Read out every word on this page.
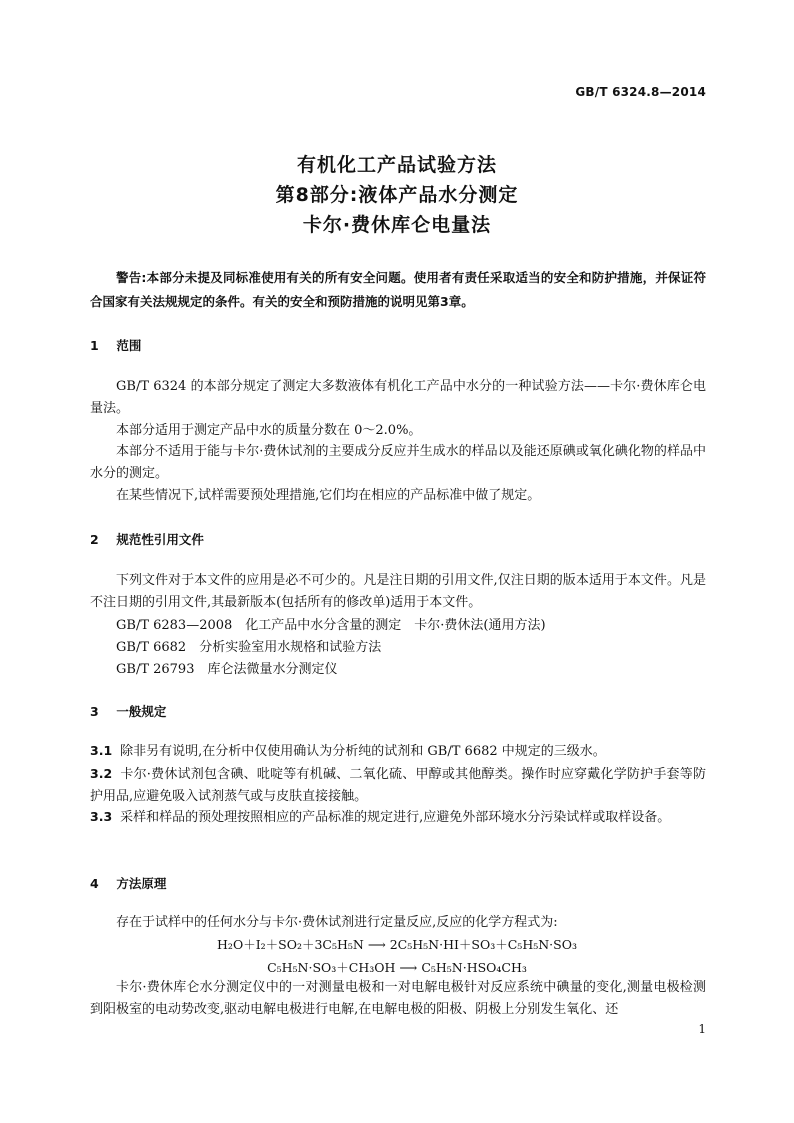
GB/T 6324.8—2014
有机化工产品试验方法
第8部分:液体产品水分测定
卡尔·费休库仑电量法
警告:本部分未提及同标准使用有关的所有安全问题。使用者有责任采取适当的安全和防护措施，并保证符合国家有关法规规定的条件。有关的安全和预防措施的说明见第3章。
1 范围
GB/T 6324 的本部分规定了测定大多数液体有机化工产品中水分的一种试验方法——卡尔·费休库仑电量法。
本部分适用于测定产品中水的质量分数在 0～2.0%。
本部分不适用于能与卡尔·费休试剂的主要成分反应并生成水的样品以及能还原碘或氧化碘化物的样品中水分的测定。
在某些情况下,试样需要预处理措施,它们均在相应的产品标准中做了规定。
2 规范性引用文件
下列文件对于本文件的应用是必不可少的。凡是注日期的引用文件,仅注日期的版本适用于本文件。凡是不注日期的引用文件,其最新版本(包括所有的修改单)适用于本文件。
GB/T 6283—2008　化工产品中水分含量的测定　卡尔·费休法(通用方法)
GB/T 6682　分析实验室用水规格和试验方法
GB/T 26793　库仑法微量水分测定仪
3 一般规定
3.1 除非另有说明,在分析中仅使用确认为分析纯的试剂和 GB/T 6682 中规定的三级水。
3.2 卡尔·费休试剂包含碘、吡啶等有机碱、二氧化硫、甲醇或其他醇类。操作时应穿戴化学防护手套等防护用品,应避免吸入试剂蒸气或与皮肤直接接触。
3.3 采样和样品的预处理按照相应的产品标准的规定进行,应避免外部环境水分污染试样或取样设备。
4 方法原理
存在于试样中的任何水分与卡尔·费休试剂进行定量反应,反应的化学方程式为:
H₂O＋I₂＋SO₂＋3C₅H₅N ⟶ 2C₅H₅N·HI＋SO₃＋C₅H₅N·SO₃
C₅H₅N·SO₃＋CH₃OH ⟶ C₅H₅N·HSO₄CH₃
卡尔·费休库仑水分测定仪中的一对测量电极和一对电解电极针对反应系统中碘量的变化,测量电极检测到阳极室的电动势改变,驱动电解电极进行电解,在电解电极的阳极、阴极上分别发生氧化、还
1
